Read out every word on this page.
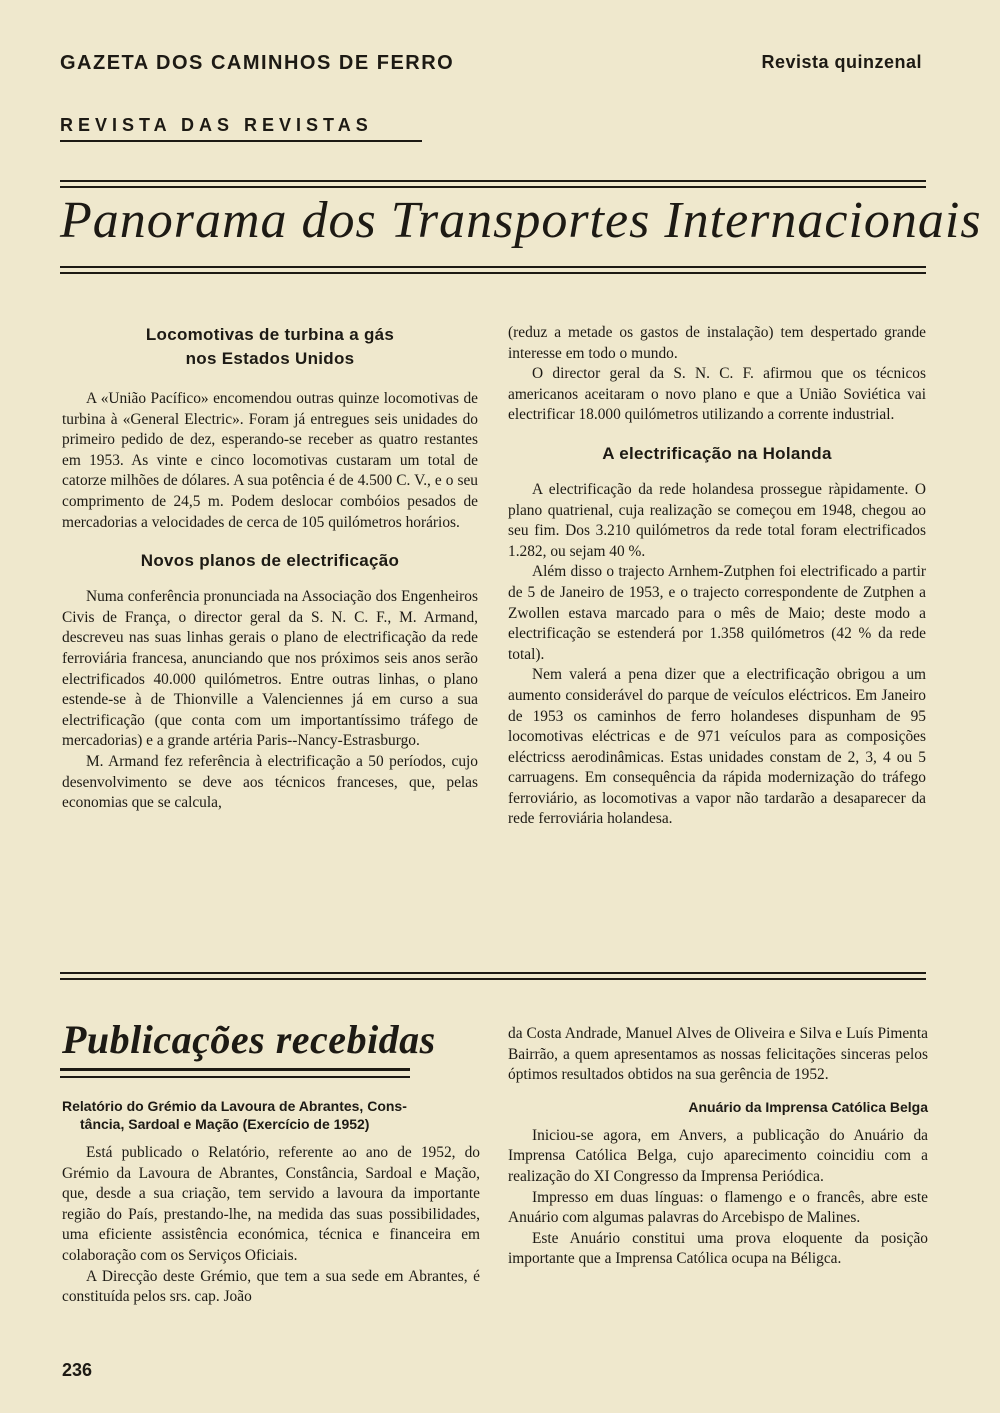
GAZETA DOS CAMINHOS DE FERRO	Revista quinzenal
REVISTA DAS REVISTAS
Panorama dos Transportes Internacionais
Locomotivas de turbina a gás
nos Estados Unidos

A «União Pacífico» encomendou outras quinze locomotivas de turbina à «General Electric». Foram já entregues seis unidades do primeiro pedido de dez, esperando-se receber as quatro restantes em 1953. As vinte e cinco locomotivas custaram um total de catorze milhões de dólares. A sua potência é de 4.500 C. V., e o seu comprimento de 24,5 m. Podem deslocar combóios pesados de mercadorias a velocidades de cerca de 105 quilómetros horários.

Novos planos de electrificação

Numa conferência pronunciada na Associação dos Engenheiros Civis de França, o director geral da S. N. C. F., M. Armand, descreveu nas suas linhas gerais o plano de electrificação da rede ferroviária francesa, anunciando que nos próximos seis anos serão electrificados 40.000 quilómetros. Entre outras linhas, o plano estende-se à de Thionville a Valenciennes já em curso a sua electrificação (que conta com um importantíssimo tráfego de mercadorias) e a grande artéria Paris--Nancy-Estrasburgo.

M. Armand fez referência à electrificação a 50 períodos, cujo desenvolvimento se deve aos técnicos franceses, que, pelas economias que se calcula,

(reduz a metade os gastos de instalação) tem despertado grande interesse em todo o mundo.

O director geral da S. N. C. F. afirmou que os técnicos americanos aceitaram o novo plano e que a União Soviética vai electrificar 18.000 quilómetros utilizando a corrente industrial.

A electrificação na Holanda

A electrificação da rede holandesa prossegue ràpidamente. O plano quatrienal, cuja realização se começou em 1948, chegou ao seu fim. Dos 3.210 quilómetros da rede total foram electrificados 1.282, ou sejam 40 %.

Além disso o trajecto Arnhem-Zutphen foi electrificado a partir de 5 de Janeiro de 1953, e o trajecto correspondente de Zutphen a Zwollen estava marcado para o mês de Maio; deste modo a electrificação se estenderá por 1.358 quilómetros (42 % da rede total).

Nem valerá a pena dizer que a electrificação obrigou a um aumento considerável do parque de veículos eléctricos. Em Janeiro de 1953 os caminhos de ferro holandeses dispunham de 95 locomotivas eléctricas e de 971 veículos para as composições eléctricss aerodinâmicas. Estas unidades constam de 2, 3, 4 ou 5 carruagens. Em consequência da rápida modernização do tráfego ferroviário, as locomotivas a vapor não tardarão a desaparecer da rede ferroviária holandesa.

Publicações recebidas
Relatório do Grémio da Lavoura de Abrantes, Cons-
tância, Sardoal e Mação (Exercício de 1952)

Está publicado o Relatório, referente ao ano de 1952, do Grémio da Lavoura de Abrantes, Constância, Sardoal e Mação, que, desde a sua criação, tem servido a lavoura da importante região do País, prestando-lhe, na medida das suas possibilidades, uma eficiente assistência económica, técnica e financeira em colaboração com os Serviços Oficiais.

A Direcção deste Grémio, que tem a sua sede em Abrantes, é constituída pelos srs. cap. João

da Costa Andrade, Manuel Alves de Oliveira e Silva e Luís Pimenta Bairrão, a quem apresentamos as nossas felicitações sinceras pelos óptimos resultados obtidos na sua gerência de 1952.

Anuário da Imprensa Católica Belga

Iniciou-se agora, em Anvers, a publicação do Anuário da Imprensa Católica Belga, cujo aparecimento coincidiu com a realização do XI Congresso da Imprensa Periódica.

Impresso em duas línguas: o flamengo e o francês, abre este Anuário com algumas palavras do Arcebispo de Malines.

Este Anuário constitui uma prova eloquente da posição importante que a Imprensa Católica ocupa na Béligca.

236
